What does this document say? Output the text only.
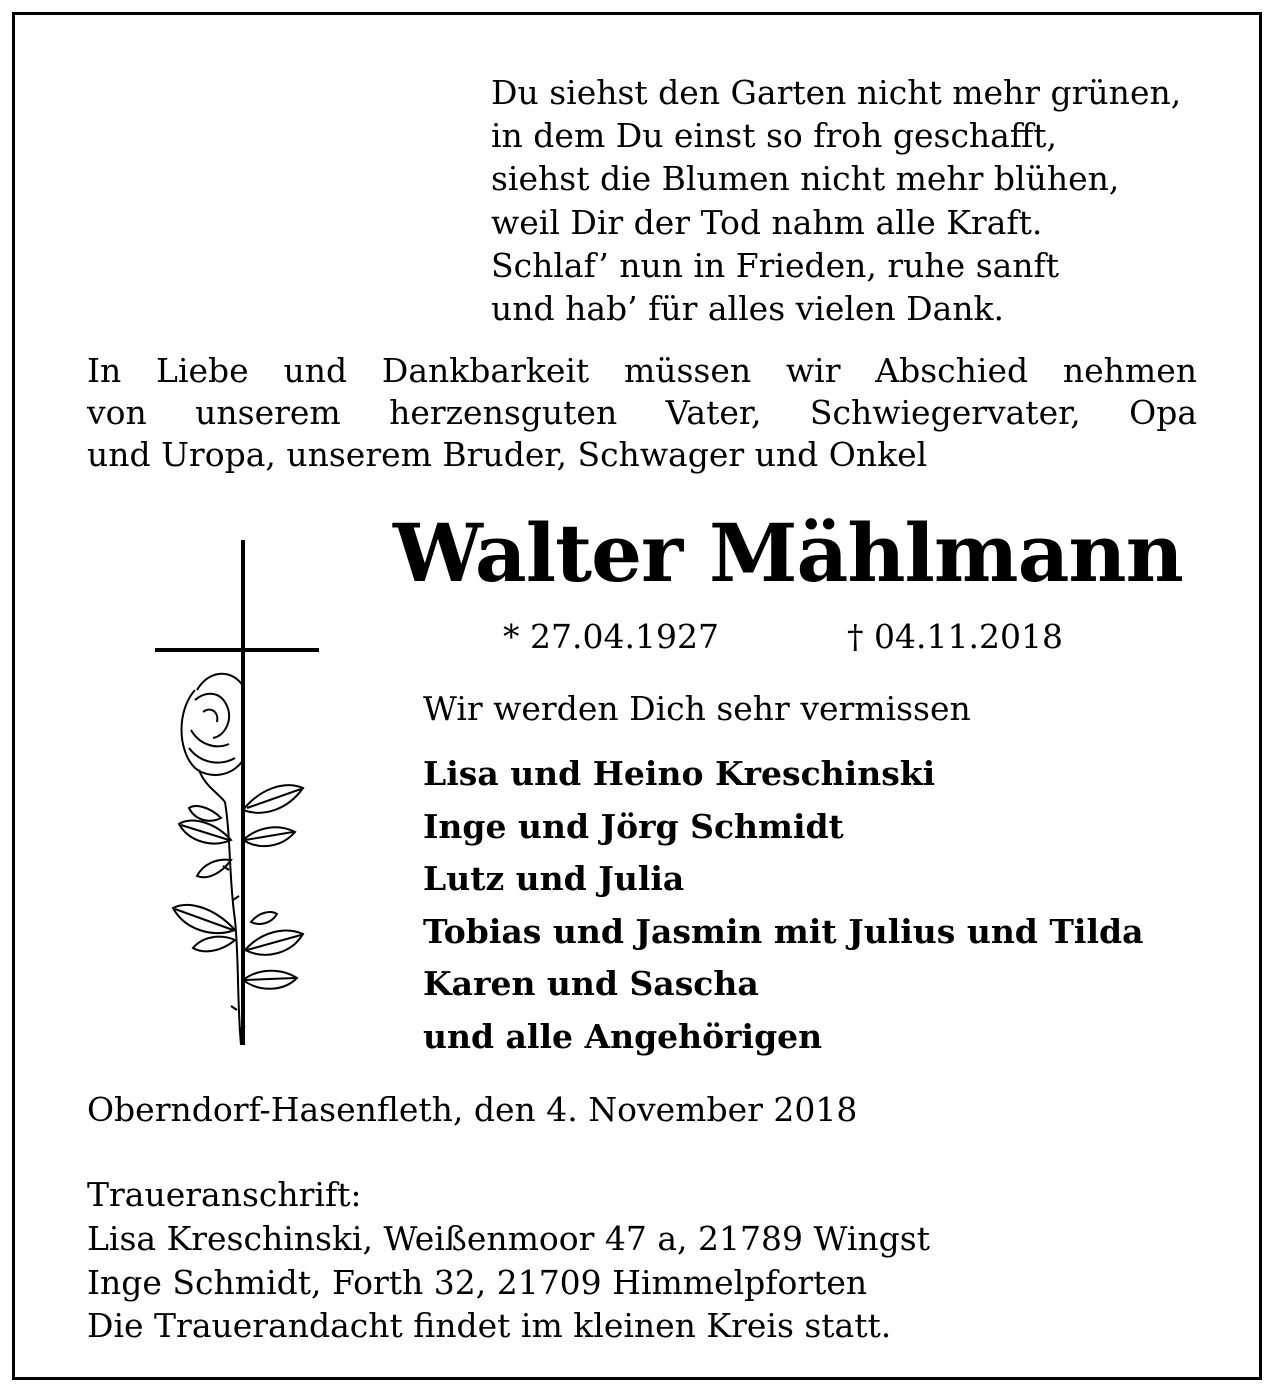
Du siehst den Garten nicht mehr grünen,
in dem Du einst so froh geschafft,
siehst die Blumen nicht mehr blühen,
weil Dir der Tod nahm alle Kraft.
Schlaf’ nun in Frieden, ruhe sanft
und hab’ für alles vielen Dank.
In Liebe und Dankbarkeit müssen wir Abschied nehmen
von unserem herzensguten Vater, Schwiegervater, Opa
und Uropa, unserem Bruder, Schwager und Onkel
Walter Mählmann
* 27.04.1927	† 04.11.2018
Wir werden Dich sehr vermissen
Lisa und Heino Kreschinski
Inge und Jörg Schmidt
Lutz und Julia
Tobias und Jasmin mit Julius und Tilda
Karen und Sascha
und alle Angehörigen
Oberndorf-Hasenfleth, den 4. November 2018
Traueranschrift:
Lisa Kreschinski, Weißenmoor 47 a, 21789 Wingst
Inge Schmidt, Forth 32, 21709 Himmelpforten
Die Trauerandacht findet im kleinen Kreis statt.
